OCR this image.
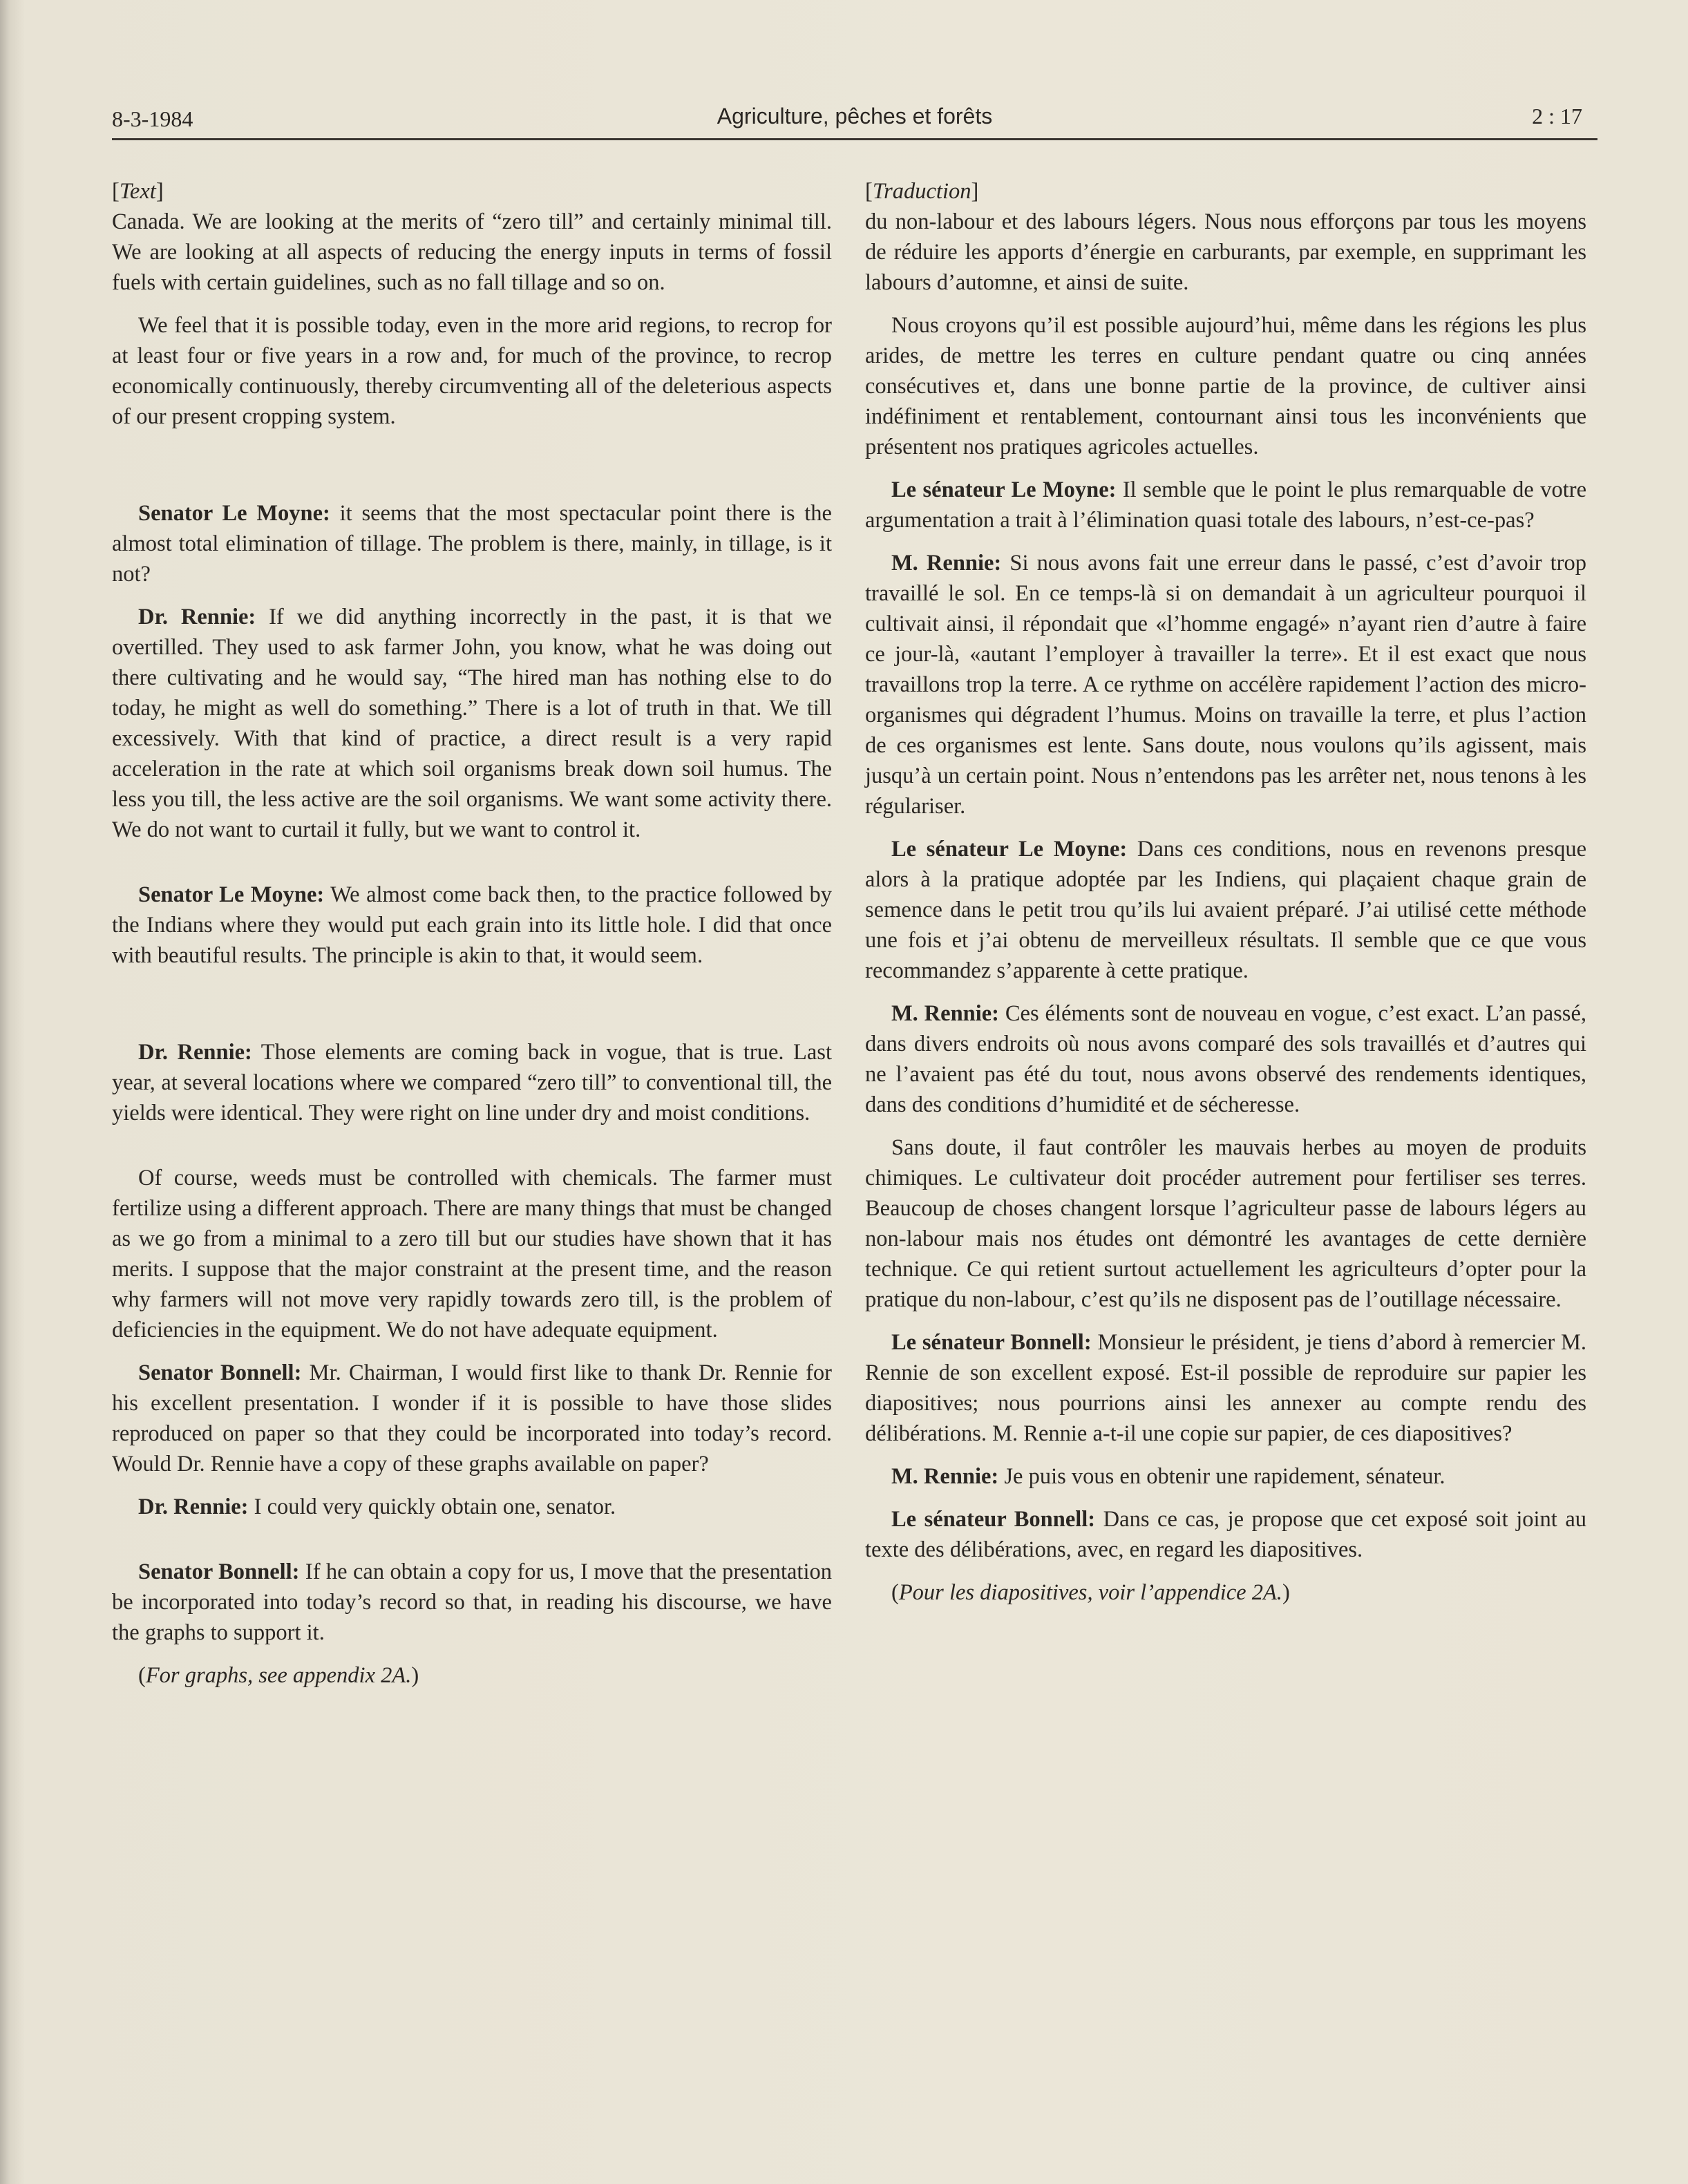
8-3-1984	Agriculture, pêches et forêts	2 : 17

[Text]

Canada. We are looking at the merits of “zero till” and certainly minimal till. We are looking at all aspects of reducing the energy inputs in terms of fossil fuels with certain guidelines, such as no fall tillage and so on.

We feel that it is possible today, even in the more arid regions, to recrop for at least four or five years in a row and, for much of the province, to recrop economically continuously, thereby circumventing all of the deleterious aspects of our present cropping system.

Senator Le Moyne: it seems that the most spectacular point there is the almost total elimination of tillage. The problem is there, mainly, in tillage, is it not?

Dr. Rennie: If we did anything incorrectly in the past, it is that we overtilled. They used to ask farmer John, you know, what he was doing out there cultivating and he would say, “The hired man has nothing else to do today, he might as well do something.” There is a lot of truth in that. We till excessively. With that kind of practice, a direct result is a very rapid acceleration in the rate at which soil organisms break down soil humus. The less you till, the less active are the soil organisms. We want some activity there. We do not want to curtail it fully, but we want to control it.

Senator Le Moyne: We almost come back then, to the practice followed by the Indians where they would put each grain into its little hole. I did that once with beautiful results. The principle is akin to that, it would seem.

Dr. Rennie: Those elements are coming back in vogue, that is true. Last year, at several locations where we compared “zero till” to conventional till, the yields were identical. They were right on line under dry and moist conditions.

Of course, weeds must be controlled with chemicals. The farmer must fertilize using a different approach. There are many things that must be changed as we go from a minimal to a zero till but our studies have shown that it has merits. I suppose that the major constraint at the present time, and the reason why farmers will not move very rapidly towards zero till, is the problem of deficiencies in the equipment. We do not have adequate equipment.

Senator Bonnell: Mr. Chairman, I would first like to thank Dr. Rennie for his excellent presentation. I wonder if it is possible to have those slides reproduced on paper so that they could be incorporated into today’s record. Would Dr. Rennie have a copy of these graphs available on paper?

Dr. Rennie: I could very quickly obtain one, senator.

Senator Bonnell: If he can obtain a copy for us, I move that the presentation be incorporated into today’s record so that, in reading his discourse, we have the graphs to support it.

(For graphs, see appendix 2A.)

[Traduction]

du non-labour et des labours légers. Nous nous efforçons par tous les moyens de réduire les apports d’énergie en carburants, par exemple, en supprimant les labours d’automne, et ainsi de suite.

Nous croyons qu’il est possible aujourd’hui, même dans les régions les plus arides, de mettre les terres en culture pendant quatre ou cinq années consécutives et, dans une bonne partie de la province, de cultiver ainsi indéfiniment et rentablement, contournant ainsi tous les inconvénients que présentent nos pratiques agricoles actuelles.

Le sénateur Le Moyne: Il semble que le point le plus remarquable de votre argumentation a trait à l’élimination quasi totale des labours, n’est-ce-pas?

M. Rennie: Si nous avons fait une erreur dans le passé, c’est d’avoir trop travaillé le sol. En ce temps-là si on demandait à un agriculteur pourquoi il cultivait ainsi, il répondait que «l’homme engagé» n’ayant rien d’autre à faire ce jour-là, «autant l’employer à travailler la terre». Et il est exact que nous travaillons trop la terre. A ce rythme on accélère rapidement l’action des micro-organismes qui dégradent l’humus. Moins on travaille la terre, et plus l’action de ces organismes est lente. Sans doute, nous voulons qu’ils agissent, mais jusqu’à un certain point. Nous n’entendons pas les arrêter net, nous tenons à les régulariser.

Le sénateur Le Moyne: Dans ces conditions, nous en revenons presque alors à la pratique adoptée par les Indiens, qui plaçaient chaque grain de semence dans le petit trou qu’ils lui avaient préparé. J’ai utilisé cette méthode une fois et j’ai obtenu de merveilleux résultats. Il semble que ce que vous recommandez s’apparente à cette pratique.

M. Rennie: Ces éléments sont de nouveau en vogue, c’est exact. L’an passé, dans divers endroits où nous avons comparé des sols travaillés et d’autres qui ne l’avaient pas été du tout, nous avons observé des rendements identiques, dans des conditions d’humidité et de sécheresse.

Sans doute, il faut contrôler les mauvais herbes au moyen de produits chimiques. Le cultivateur doit procéder autrement pour fertiliser ses terres. Beaucoup de choses changent lorsque l’agriculteur passe de labours légers au non-labour mais nos études ont démontré les avantages de cette dernière technique. Ce qui retient surtout actuellement les agriculteurs d’opter pour la pratique du non-labour, c’est qu’ils ne disposent pas de l’outillage nécessaire.

Le sénateur Bonnell: Monsieur le président, je tiens d’abord à remercier M. Rennie de son excellent exposé. Est-il possible de reproduire sur papier les diapositives; nous pourrions ainsi les annexer au compte rendu des délibérations. M. Rennie a-t-il une copie sur papier, de ces diapositives?

M. Rennie: Je puis vous en obtenir une rapidement, sénateur.

Le sénateur Bonnell: Dans ce cas, je propose que cet exposé soit joint au texte des délibérations, avec, en regard les diapositives.

(Pour les diapositives, voir l’appendice 2A.)
